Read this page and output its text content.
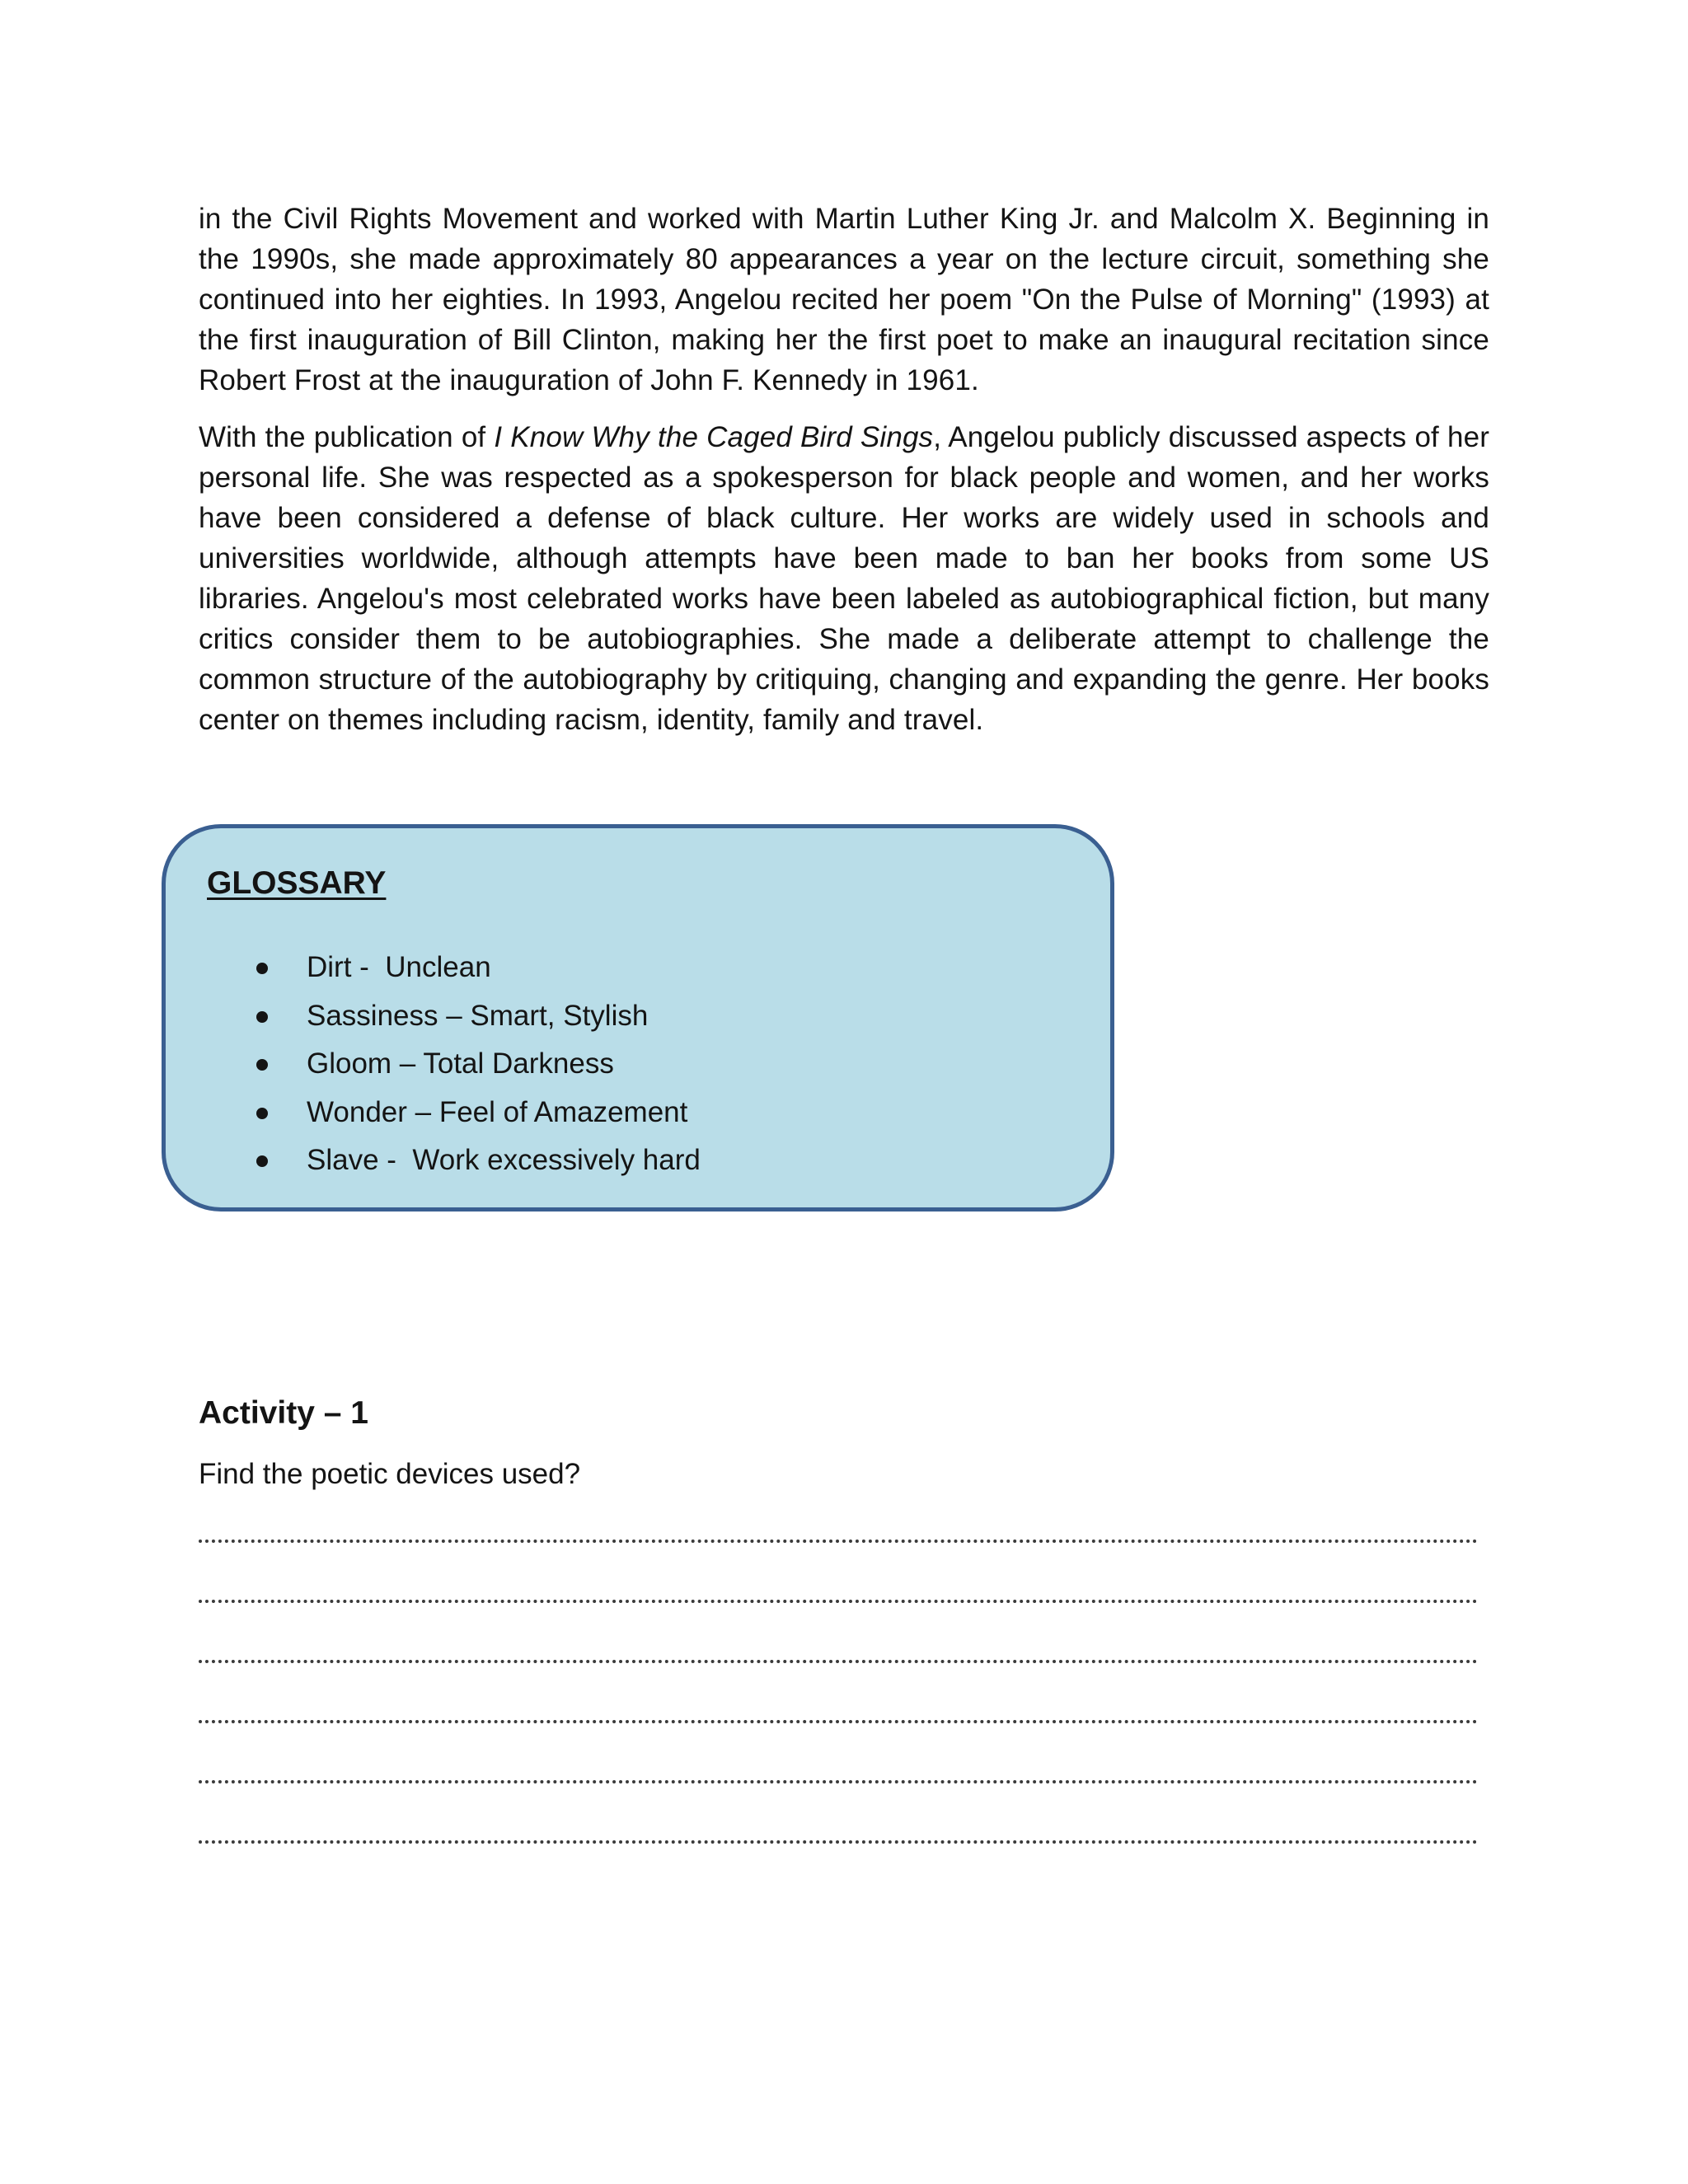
in the Civil Rights Movement and worked with Martin Luther King Jr. and Malcolm X. Beginning in the 1990s, she made approximately 80 appearances a year on the lecture circuit, something she continued into her eighties. In 1993, Angelou recited her poem "On the Pulse of Morning" (1993) at the first inauguration of Bill Clinton, making her the first poet to make an inaugural recitation since Robert Frost at the inauguration of John F. Kennedy in 1961.

With the publication of I Know Why the Caged Bird Sings, Angelou publicly discussed aspects of her personal life. She was respected as a spokesperson for black people and women, and her works have been considered a defense of black culture. Her works are widely used in schools and universities worldwide, although attempts have been made to ban her books from some US libraries. Angelou's most celebrated works have been labeled as autobiographical fiction, but many critics consider them to be autobiographies. She made a deliberate attempt to challenge the common structure of the autobiography by critiquing, changing and expanding the genre. Her books center on themes including racism, identity, family and travel.

GLOSSARY

Dirt -  Unclean

Sassiness – Smart, Stylish

Gloom – Total Darkness

Wonder – Feel of Amazement

Slave -  Work excessively hard

Activity – 1

Find the poetic devices used?
